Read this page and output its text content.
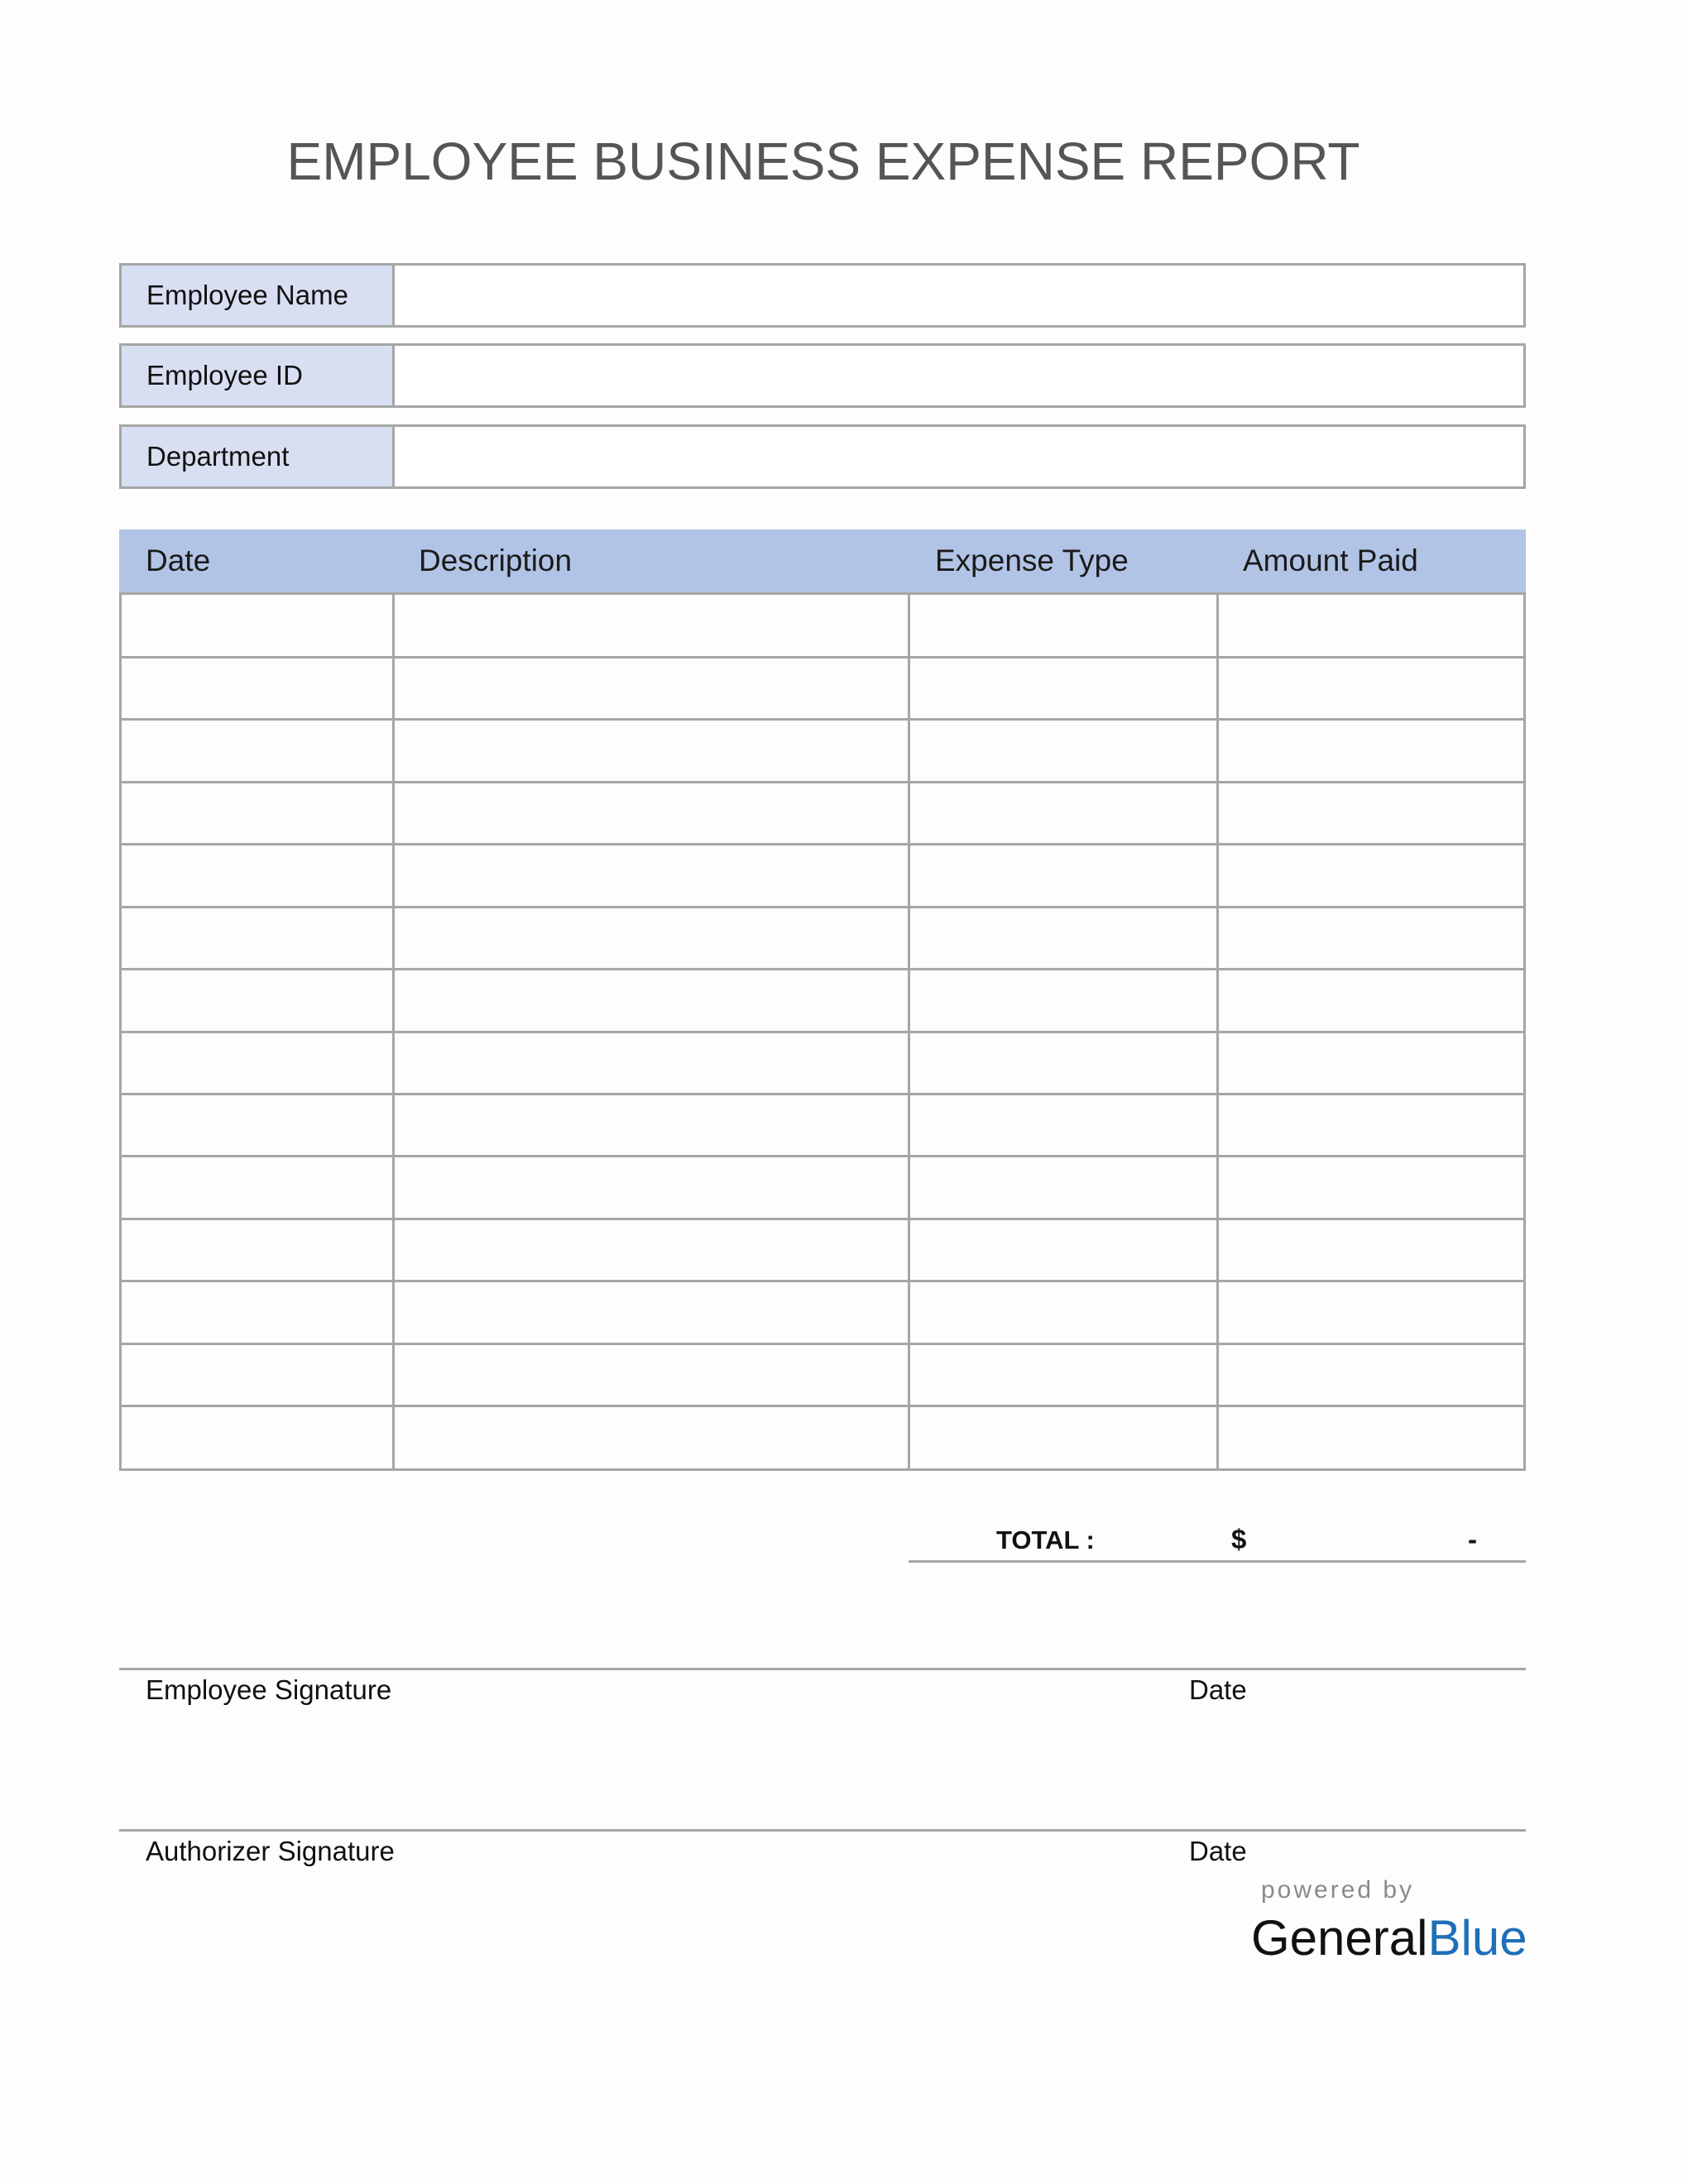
EMPLOYEE BUSINESS EXPENSE REPORT
Employee Name
Employee ID
Department
Date	Description	Expense Type	Amount Paid
TOTAL :	$	-
Employee Signature	Date
Authorizer Signature	Date
powered by
GeneralBlue
